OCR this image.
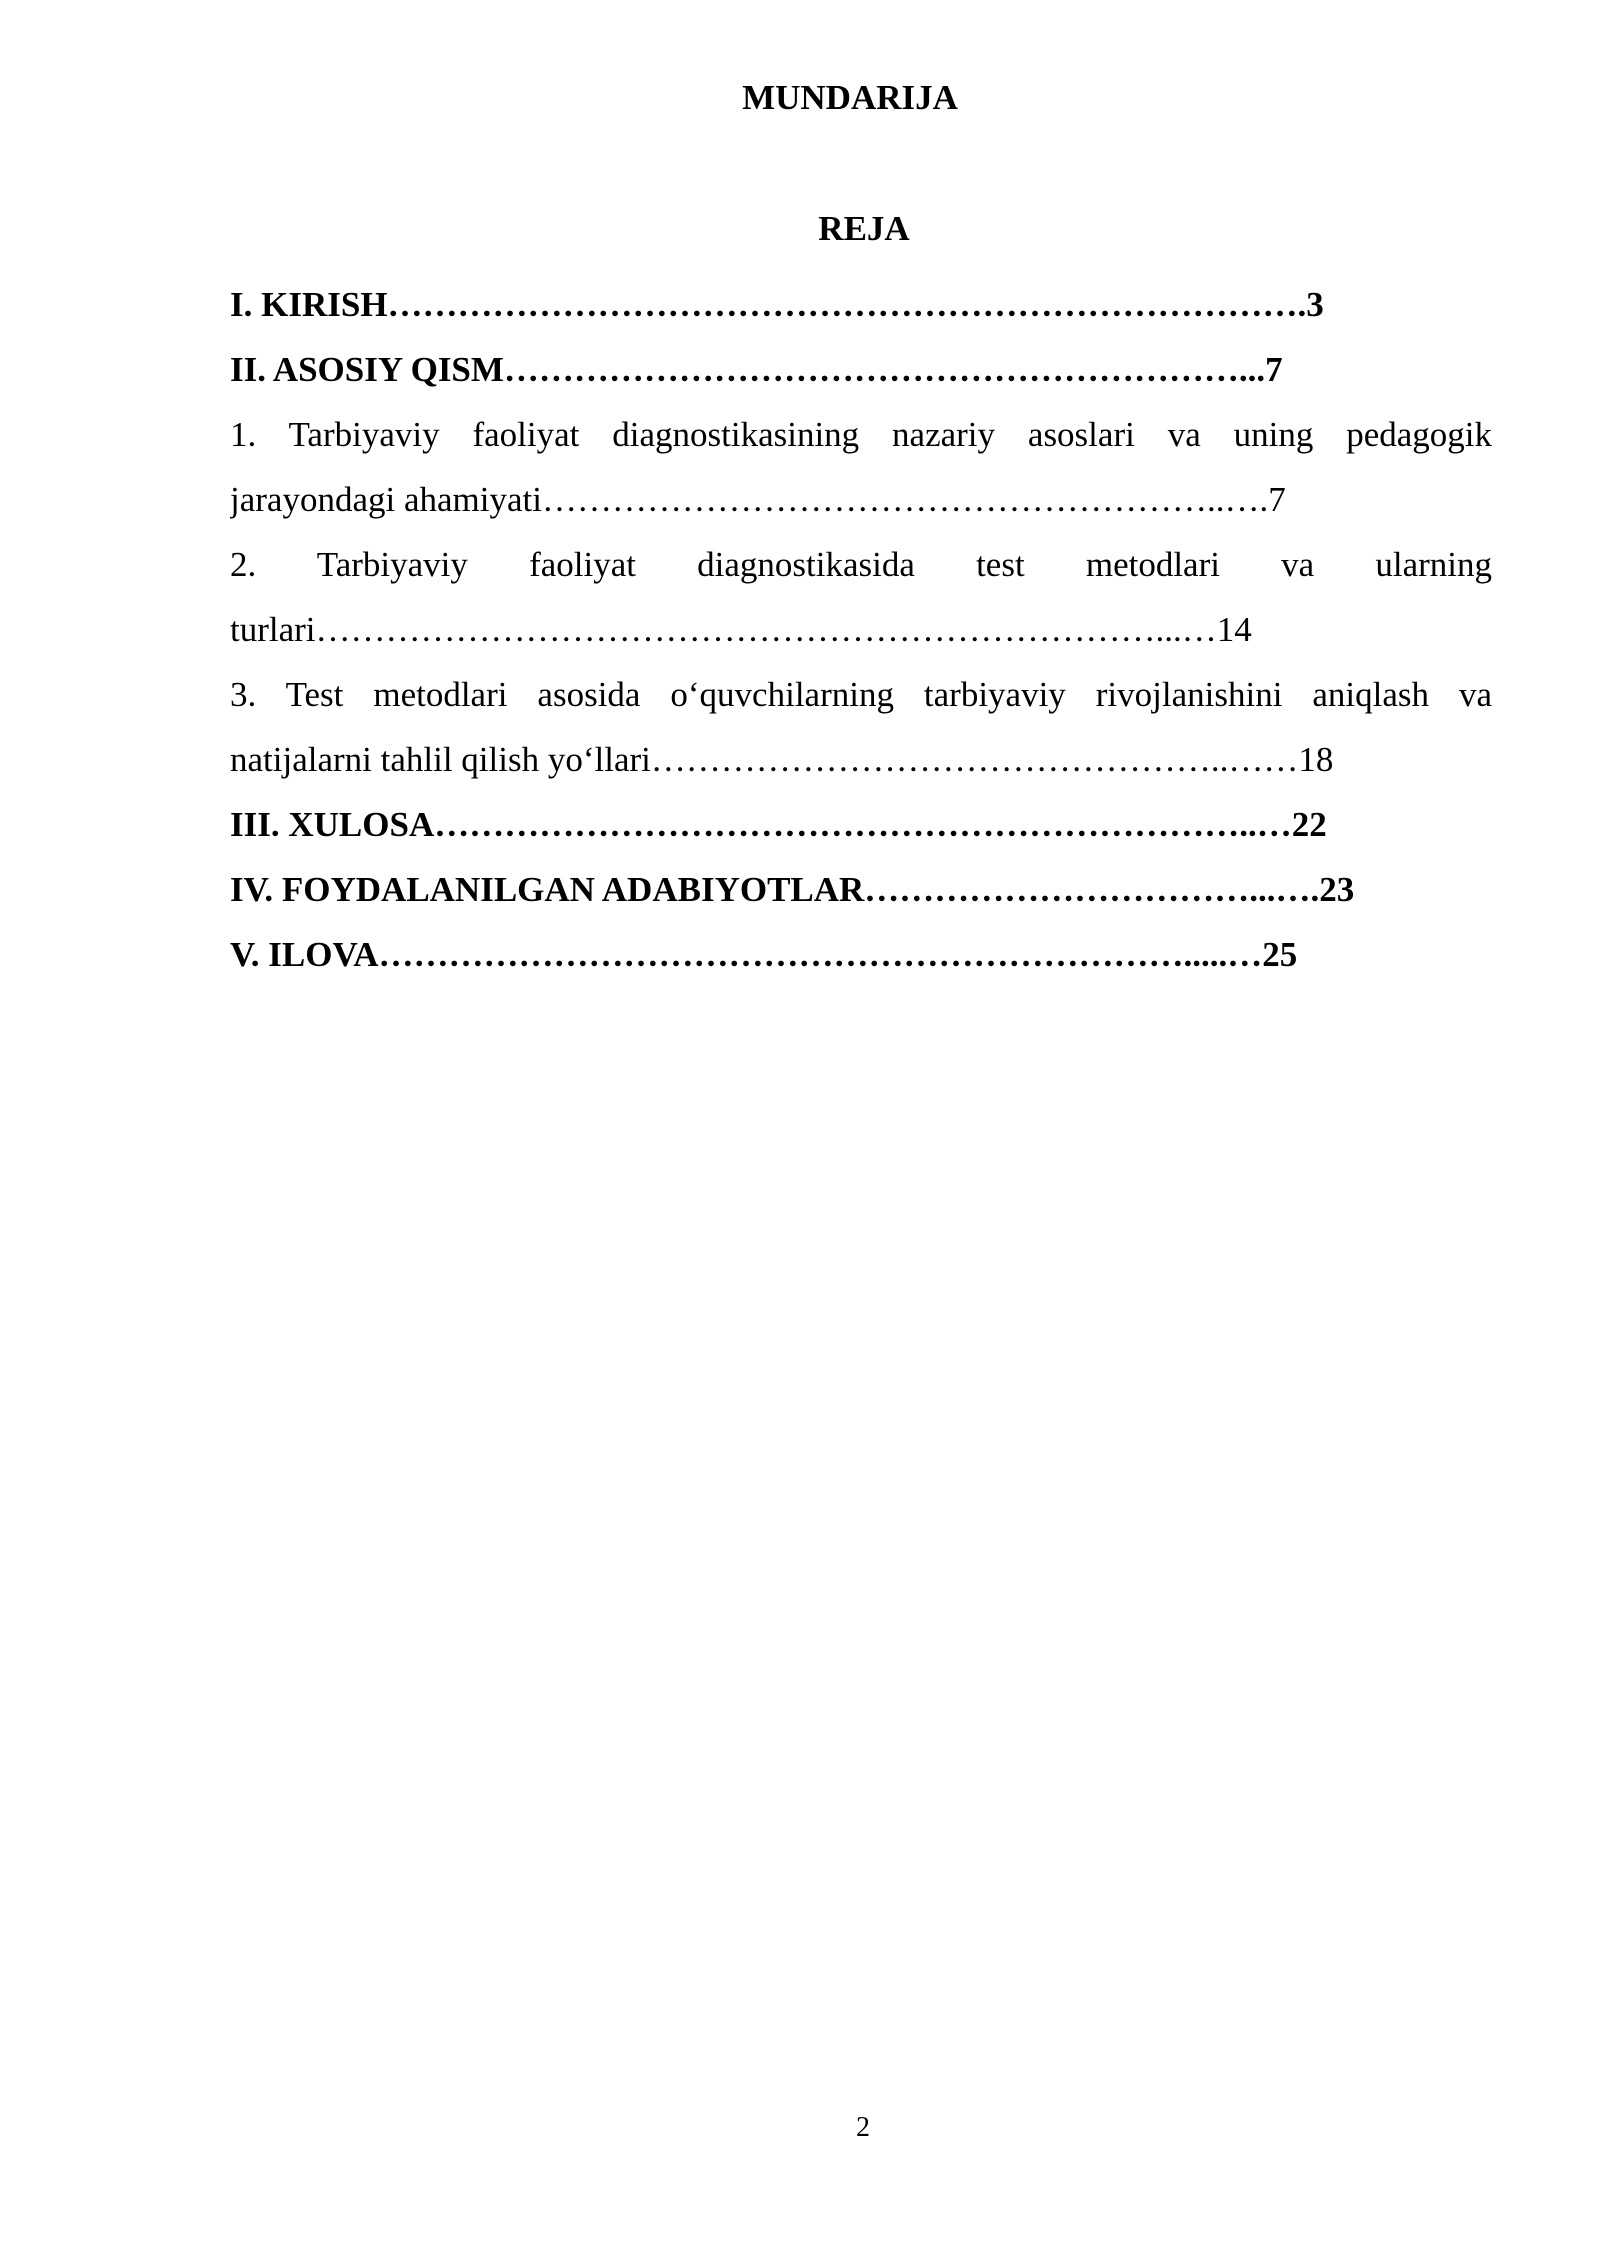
MUNDARIJA
REJA
I. KIRISH…………………………………………………………………….3
II. ASOSIY QISM………………………………………………………...7
1. Tarbiyaviy faoliyat diagnostikasining nazariy asoslari va uning pedagogik
jarayondagi ahamiyati…………………………………………………..….7
2. Tarbiyaviy faoliyat diagnostikasida test metodlari va ularning
turlari………………………………………………………………...…14
3. Test metodlari asosida o‘quvchilarning tarbiyaviy rivojlanishini aniqlash va
natijalarni tahlil qilish yo‘llari…………………………………………..……18
III. XULOSA……………………………………………………………..…22
IV. FOYDALANILGAN ADABIYOTLAR……………………………...….23
V. ILOVA…………………………………………………………….....…25
2
